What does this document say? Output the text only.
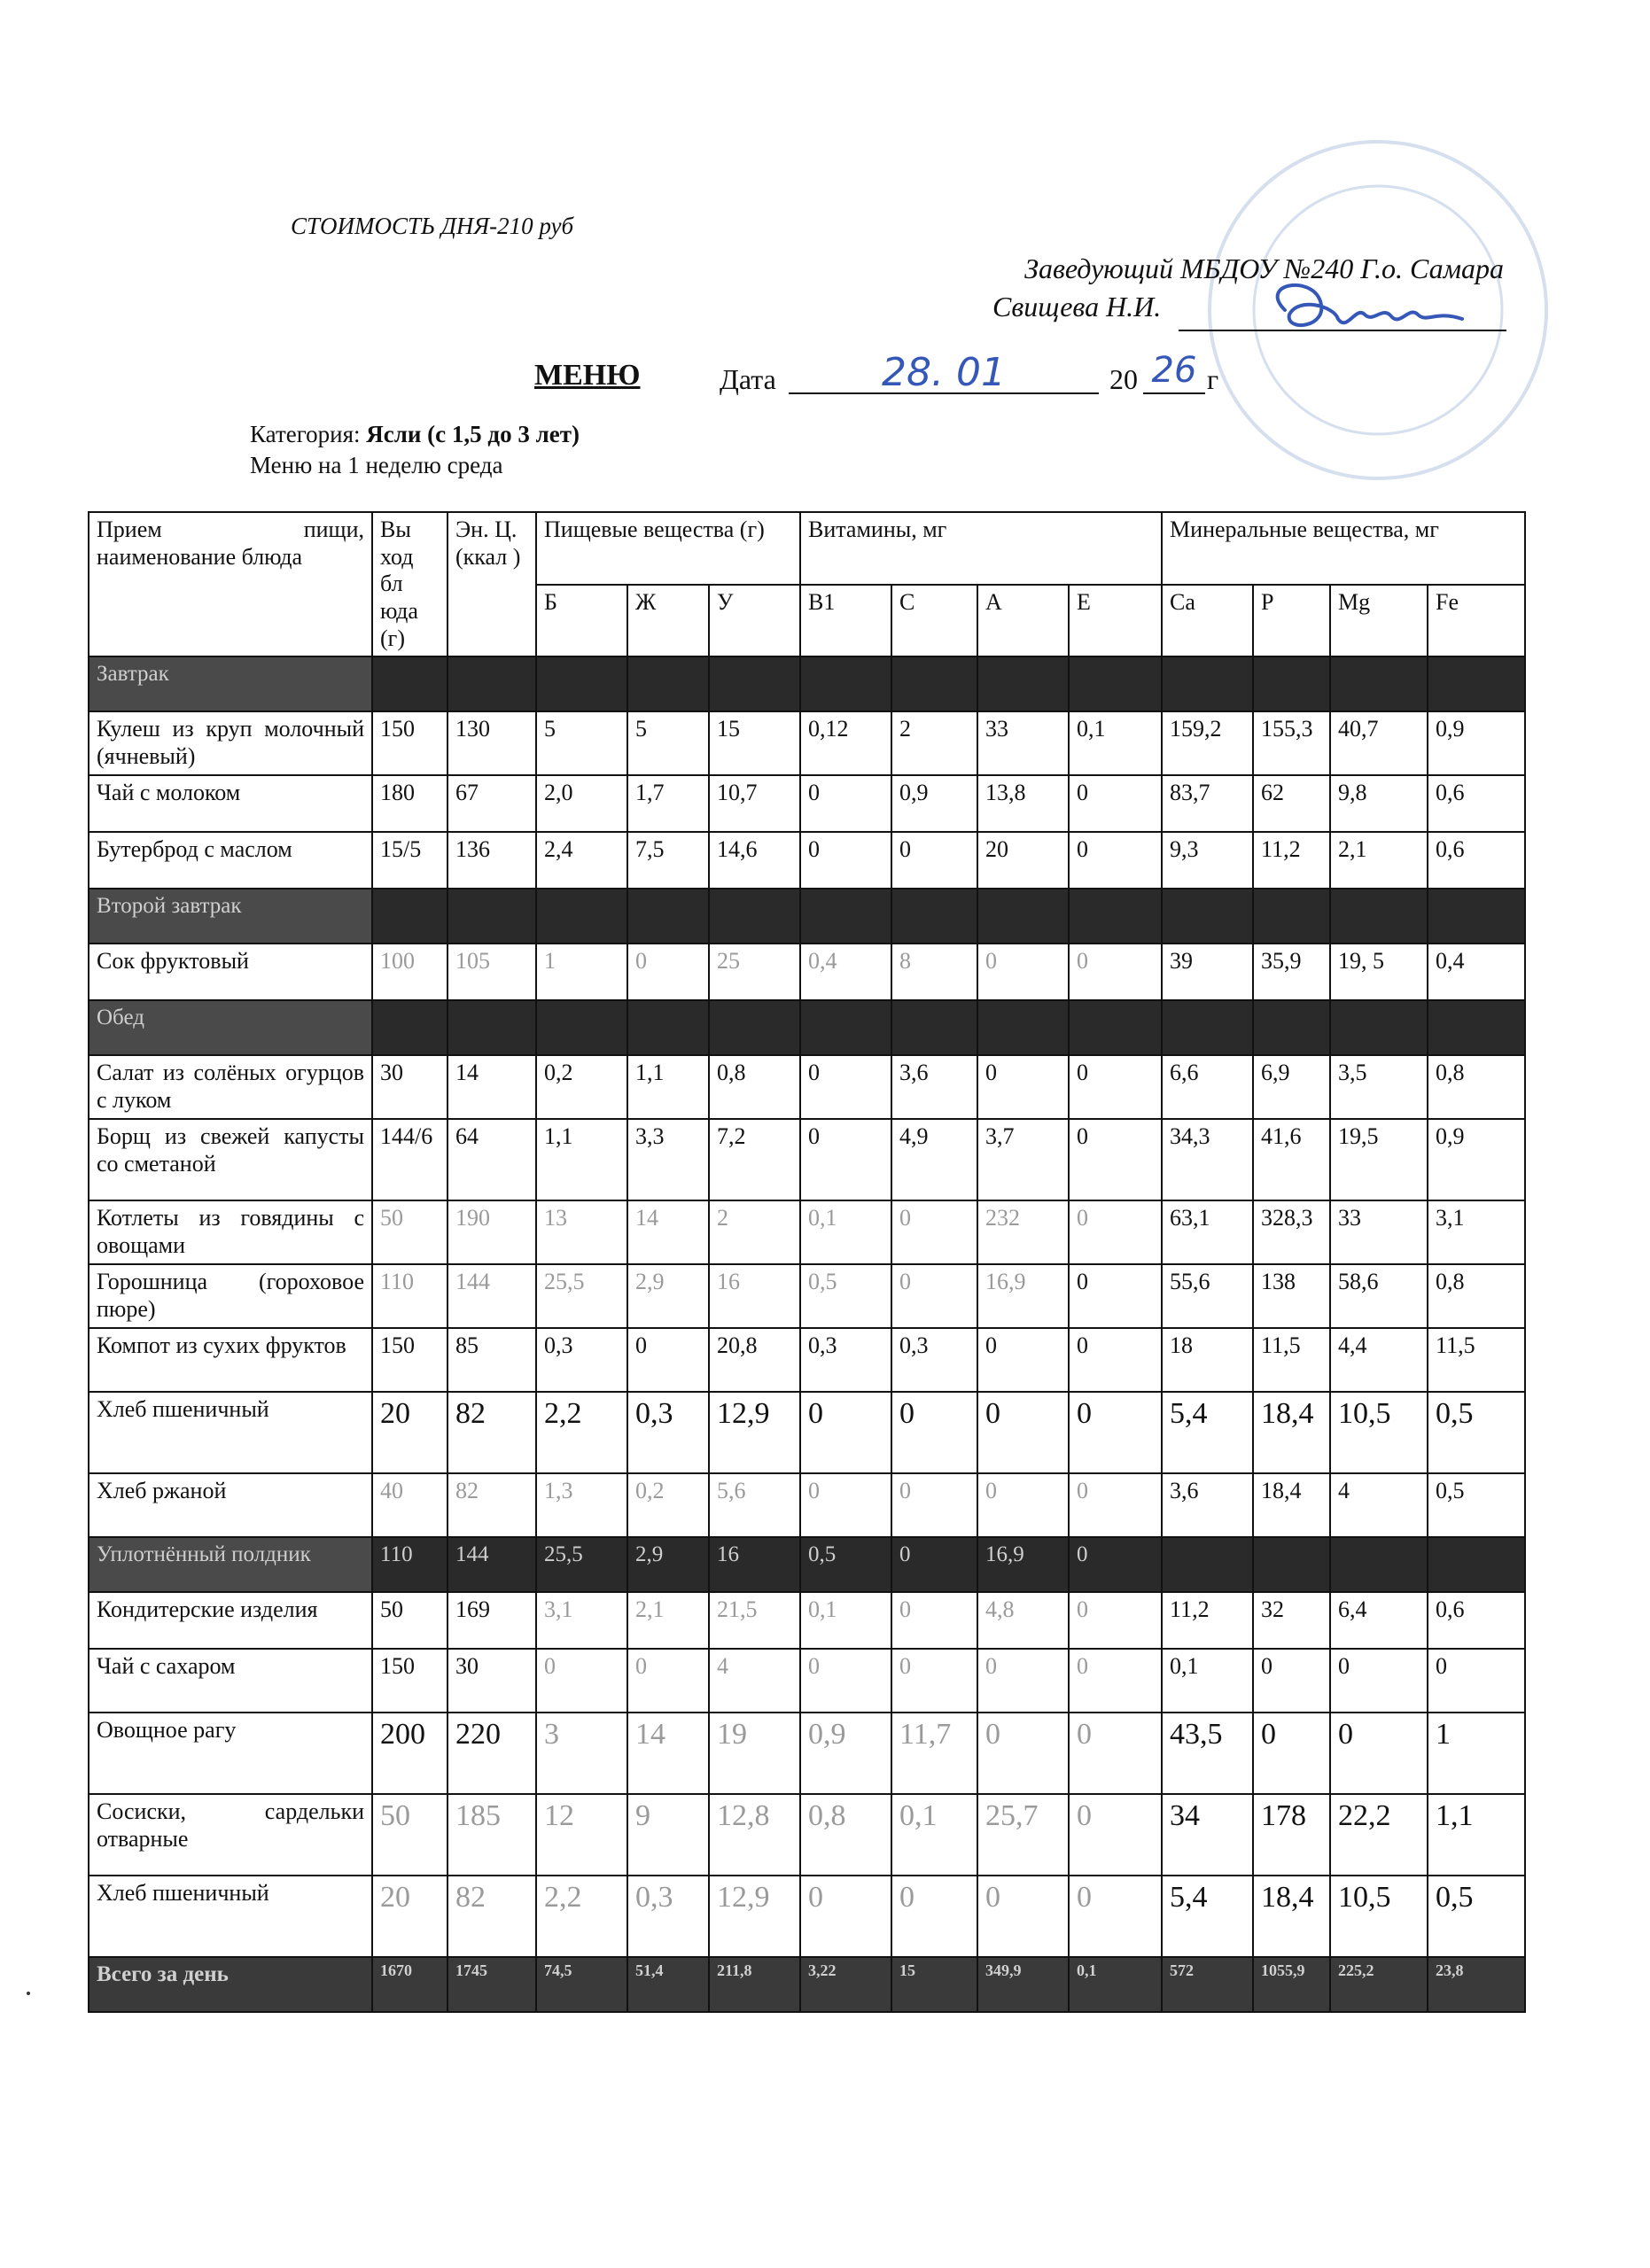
СТОИМОСТЬ ДНЯ-210 руб
Заведующий МБДОУ №240 Г.о. Самара
Свищева Н.И.
МЕНЮ	Дата	28. 01	20 26 г
Категория: Ясли (с 1,5 до 3 лет)
Меню на 1 неделю среда
Прием пищи, наименование блюда	Вы ход бл юда (г)	Эн. Ц. (ккал )	Пищевые вещества (г)			Витамины, мг				Минеральные вещества, мг			
			Б	Ж	У	В1	С	А	Е	Ca	P	Mg	Fe
Завтрак													
Кулеш из круп молочный (ячневый)	150	130	5	5	15	0,12	2	33	0,1	159,2	155,3	40,7	0,9
Чай с молоком	180	67	2,0	1,7	10,7	0	0,9	13,8	0	83,7	62	9,8	0,6
Бутерброд с маслом	15/5	136	2,4	7,5	14,6	0	0	20	0	9,3	11,2	2,1	0,6
Второй завтрак													
Сок фруктовый	100	105	1	0	25	0,4	8	0	0	39	35,9	19, 5	0,4
Обед													
Салат из солёных огурцов с луком	30	14	0,2	1,1	0,8	0	3,6	0	0	6,6	6,9	3,5	0,8
Борщ из свежей капусты со сметаной	144/6	64	1,1	3,3	7,2	0	4,9	3,7	0	34,3	41,6	19,5	0,9
Котлеты из говядины с овощами	50	190	13	14	2	0,1	0	232	0	63,1	328,3	33	3,1
Горошница (гороховое пюре)	110	144	25,5	2,9	16	0,5	0	16,9	0	55,6	138	58,6	0,8
Компот из сухих фруктов	150	85	0,3	0	20,8	0,3	0,3	0	0	18	11,5	4,4	11,5
Хлеб пшеничный	20	82	2,2	0,3	12,9	0	0	0	0	5,4	18,4	10,5	0,5
Хлеб ржаной	40	82	1,3	0,2	5,6	0	0	0	0	3,6	18,4	4	0,5
Уплотнённый полдник	110	144	25,5	2,9	16	0,5	0	16,9	0				
Кондитерские изделия	50	169	3,1	2,1	21,5	0,1	0	4,8	0	11,2	32	6,4	0,6
Чай с сахаром	150	30	0	0	4	0	0	0	0	0,1	0	0	0
Овощное рагу	200	220	3	14	19	0,9	11,7	0	0	43,5	0	0	1
Сосиски, сардельки отварные	50	185	12	9	12,8	0,8	0,1	25,7	0	34	178	22,2	1,1
Хлеб пшеничный	20	82	2,2	0,3	12,9	0	0	0	0	5,4	18,4	10,5	0,5
Всего за день	1670	1745	74,5	51,4	211,8	3,22	15	349,9	0,1	572	1055,9	225,2	23,8
